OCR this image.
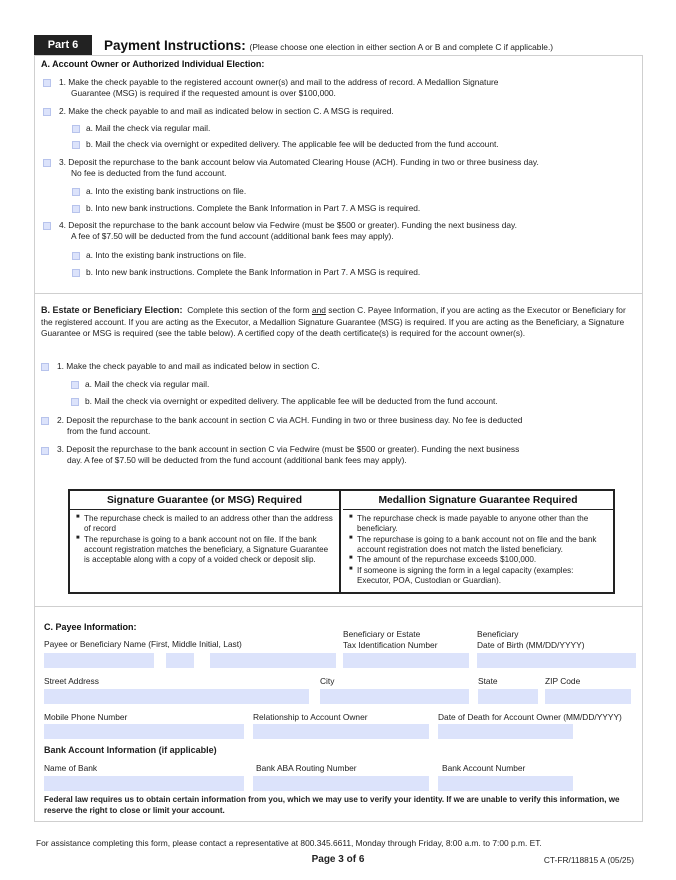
Part 6	Payment Instructions: (Please choose one election in either section A or B and complete C if applicable.)
A. Account Owner or Authorized Individual Election:
1. Make the check payable to the registered account owner(s) and mail to the address of record. A Medallion Signature
Guarantee (MSG) is required if the requested amount is over $100,000.
2. Make the check payable to and mail as indicated below in section C. A MSG is required.
a. Mail the check via regular mail.
b. Mail the check via overnight or expedited delivery. The applicable fee will be deducted from the fund account.
3. Deposit the repurchase to the bank account below via Automated Clearing House (ACH). Funding in two or three business day.
No fee is deducted from the fund account.
a. Into the existing bank instructions on file.
b. Into new bank instructions. Complete the Bank Information in Part 7. A MSG is required.
4. Deposit the repurchase to the bank account below via Fedwire (must be $500 or greater). Funding the next business day.
A fee of $7.50 will be deducted from the fund account (additional bank fees may apply).
a. Into the existing bank instructions on file.
b. Into new bank instructions. Complete the Bank Information in Part 7. A MSG is required.
B. Estate or Beneficiary Election: Complete this section of the form and section C. Payee Information, if you are acting as the Executor or Beneficiary for the registered account. If you are acting as the Executor, a Medallion Signature Guarantee (MSG) is required. If you are acting as the Beneficiary, a Signature Guarantee or MSG is required (see the table below). A certified copy of the death certificate(s) is required for the account owner(s).
1. Make the check payable to and mail as indicated below in section C.
a. Mail the check via regular mail.
b. Mail the check via overnight or expedited delivery. The applicable fee will be deducted from the fund account.
2. Deposit the repurchase to the bank account in section C via ACH. Funding in two or three business day. No fee is deducted
from the fund account.
3. Deposit the repurchase to the bank account in section C via Fedwire (must be $500 or greater). Funding the next business
day. A fee of $7.50 will be deducted from the fund account (additional bank fees may apply).
Signature Guarantee (or MSG) Required
■ The repurchase check is mailed to an address other than the address of record
■ The repurchase is going to a bank account not on file. If the bank account registration matches the beneficiary, a Signature Guarantee is acceptable along with a copy of a voided check or deposit slip.
Medallion Signature Guarantee Required
■ The repurchase check is made payable to anyone other than the beneficiary.
■ The repurchase is going to a bank account not on file and the bank account registration does not match the listed beneficiary.
■ The amount of the repurchase exceeds $100,000.
■ If someone is signing the form in a legal capacity (examples: Executor, POA, Custodian or Guardian).
C. Payee Information:
Payee or Beneficiary Name (First, Middle Initial, Last)
Beneficiary or Estate
Tax Identification Number
Beneficiary
Date of Birth (MM/DD/YYYY)
Street Address	City	State	ZIP Code
Mobile Phone Number	Relationship to Account Owner	Date of Death for Account Owner (MM/DD/YYYY)
Bank Account Information (if applicable)
Name of Bank	Bank ABA Routing Number	Bank Account Number
Federal law requires us to obtain certain information from you, which we may use to verify your identity. If we are unable to verify this information, we reserve the right to close or limit your account.
For assistance completing this form, please contact a representative at 800.345.6611, Monday through Friday, 8:00 a.m. to 7:00 p.m. ET.
Page 3 of 6	CT-FR/118815 A (05/25)
